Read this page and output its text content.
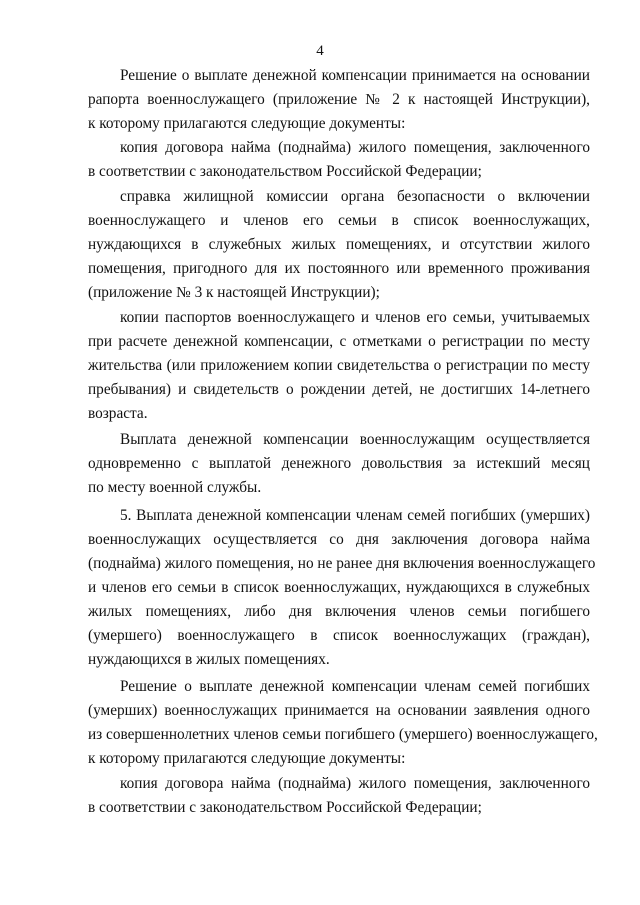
4
Решение о выплате денежной компенсации принимается на основании
рапорта военнослужащего (приложение № 2 к настоящей Инструкции),
к которому прилагаются следующие документы:
копия договора найма (поднайма) жилого помещения, заключенного
в соответствии с законодательством Российской Федерации;
справка жилищной комиссии органа безопасности о включении
военнослужащего и членов его семьи в список военнослужащих,
нуждающихся в служебных жилых помещениях, и отсутствии жилого
помещения, пригодного для их постоянного или временного проживания
(приложение № 3 к настоящей Инструкции);
копии паспортов военнослужащего и членов его семьи, учитываемых
при расчете денежной компенсации, с отметками о регистрации по месту
жительства (или приложением копии свидетельства о регистрации по месту
пребывания) и свидетельств о рождении детей, не достигших 14-летнего
возраста.
Выплата денежной компенсации военнослужащим осуществляется
одновременно с выплатой денежного довольствия за истекший месяц
по месту военной службы.
5. Выплата денежной компенсации членам семей погибших (умерших)
военнослужащих осуществляется со дня заключения договора найма
(поднайма) жилого помещения, но не ранее дня включения военнослужащего
и членов его семьи в список военнослужащих, нуждающихся в служебных
жилых помещениях, либо дня включения членов семьи погибшего
(умершего) военнослужащего в список военнослужащих (граждан),
нуждающихся в жилых помещениях.
Решение о выплате денежной компенсации членам семей погибших
(умерших) военнослужащих принимается на основании заявления одного
из совершеннолетних членов семьи погибшего (умершего) военнослужащего,
к которому прилагаются следующие документы:
копия договора найма (поднайма) жилого помещения, заключенного
в соответствии с законодательством Российской Федерации;
